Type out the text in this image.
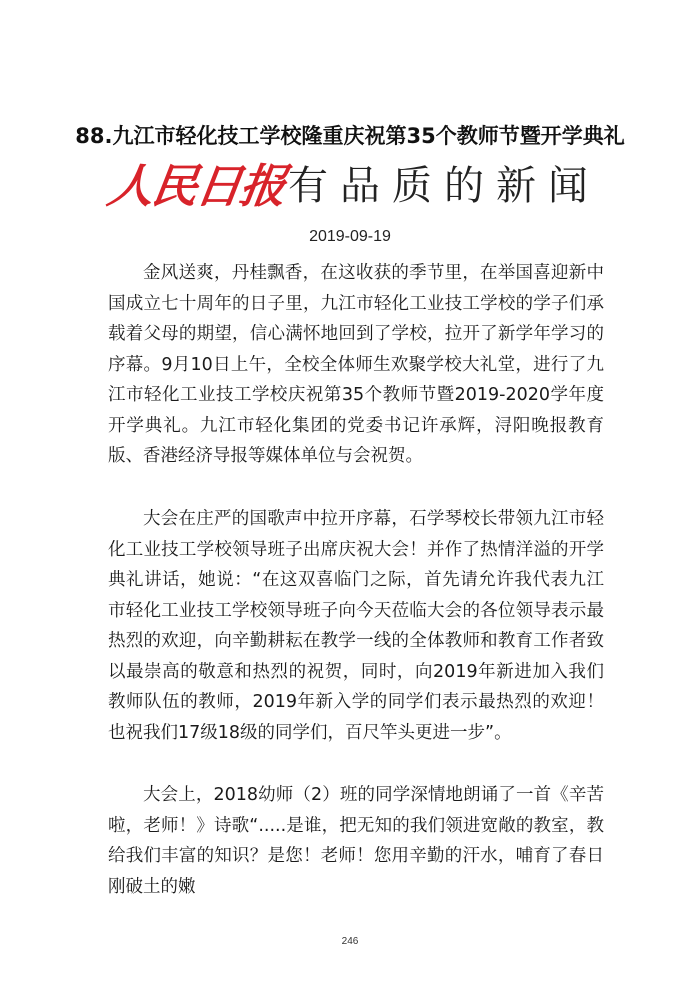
88.九江市轻化技工学校隆重庆祝第35个教师节暨开学典礼
人民日报 有品质的新闻
2019-09-19

金风送爽，丹桂飘香，在这收获的季节里，在举国喜迎新中国成立七十周年的日子里，九江市轻化工业技工学校的学子们承载着父母的期望，信心满怀地回到了学校，拉开了新学年学习的序幕。9月10日上午，全校全体师生欢聚学校大礼堂，进行了九江市轻化工业技工学校庆祝第35个教师节暨2019-2020学年度开学典礼。九江市轻化集团的党委书记许承辉，浔阳晚报教育版、香港经济导报等媒体单位与会祝贺。

大会在庄严的国歌声中拉开序幕，石学琴校长带领九江市轻化工业技工学校领导班子出席庆祝大会！并作了热情洋溢的开学典礼讲话，她说：“在这双喜临门之际，首先请允许我代表九江市轻化工业技工学校领导班子向今天莅临大会的各位领导表示最热烈的欢迎，向辛勤耕耘在教学一线的全体教师和教育工作者致以最崇高的敬意和热烈的祝贺，同时，向2019年新进加入我们教师队伍的教师，2019年新入学的同学们表示最热烈的欢迎！也祝我们17级18级的同学们，百尺竿头更进一步”。

大会上，2018幼师（2）班的同学深情地朗诵了一首《辛苦啦，老师！》诗歌“.....是谁，把无知的我们领进宽敞的教室，教给我们丰富的知识？是您！老师！您用辛勤的汗水，哺育了春日刚破土的嫩

246
